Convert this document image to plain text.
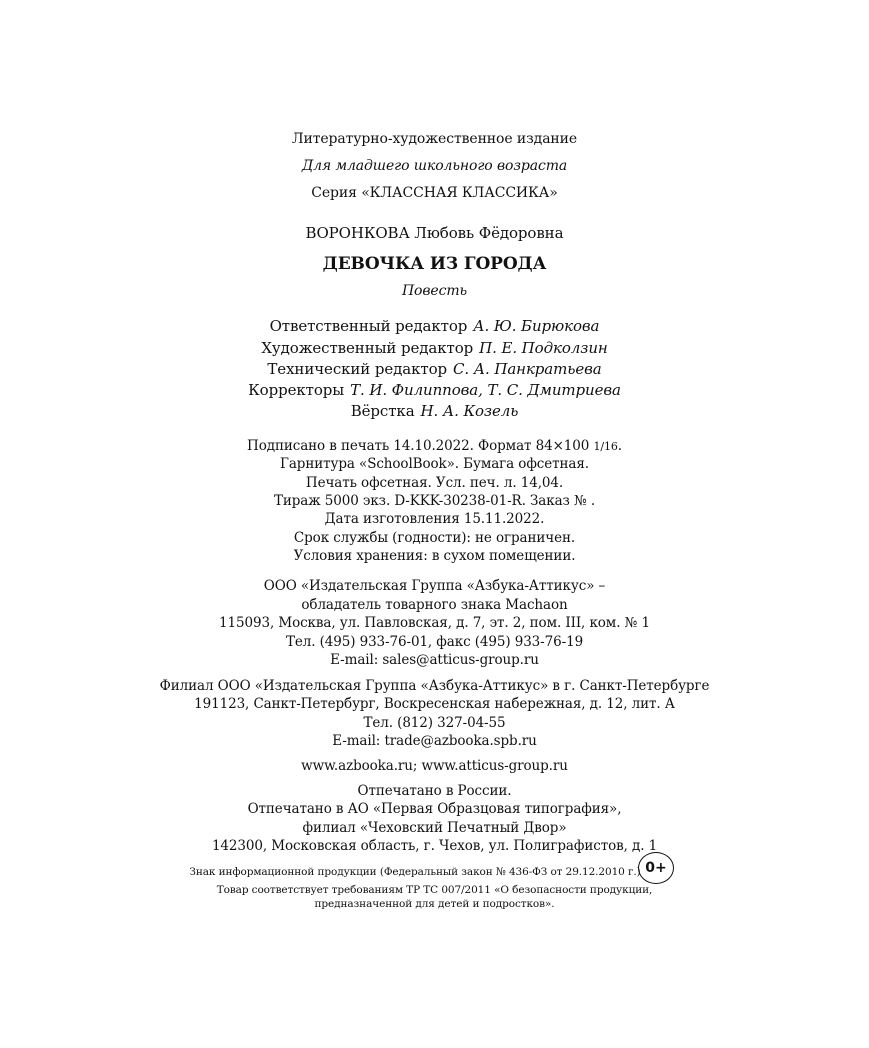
Литературно-художественное издание
Для младшего школьного возраста
Серия «КЛАССНАЯ КЛАССИКА»
ВОРОНКОВА Любовь Фёдоровна
ДЕВОЧКА ИЗ ГОРОДА
Повесть
Ответственный редактор А. Ю. Бирюкова
Художественный редактор П. Е. Подколзин
Технический редактор С. А. Панкратьева
Корректоры Т. И. Филиппова, Т. С. Дмитриева
Вёрстка Н. А. Козель
Подписано в печать 14.10.2022. Формат 84×100 1/16.
Гарнитура «SchoolBook». Бумага офсетная.
Печать офсетная. Усл. печ. л. 14,04.
Тираж 5000 экз. D-KKK-30238-01-R. Заказ № .
Дата изготовления 15.11.2022.
Срок службы (годности): не ограничен.
Условия хранения: в сухом помещении.
ООО «Издательская Группа «Азбука-Аттикус» –
обладатель товарного знака Machaon
115093, Москва, ул. Павловская, д. 7, эт. 2, пом. III, ком. № 1
Тел. (495) 933-76-01, факс (495) 933-76-19
E-mail: sales@atticus-group.ru
Филиал ООО «Издательская Группа «Азбука-Аттикус» в г. Санкт-Петербурге
191123, Санкт-Петербург, Воскресенская набережная, д. 12, лит. А
Тел. (812) 327-04-55
E-mail: trade@azbooka.spb.ru
www.azbooka.ru; www.atticus-group.ru
Отпечатано в России.
Отпечатано в АО «Первая Образцовая типография»,
филиал «Чеховский Печатный Двор»
142300, Московская область, г. Чехов, ул. Полиграфистов, д. 1
Знак информационной продукции (Федеральный закон № 436-ФЗ от 29.12.2010 г.) 0+
Товар соответствует требованиям ТР ТС 007/2011 «О безопасности продукции,
предназначенной для детей и подростков».
